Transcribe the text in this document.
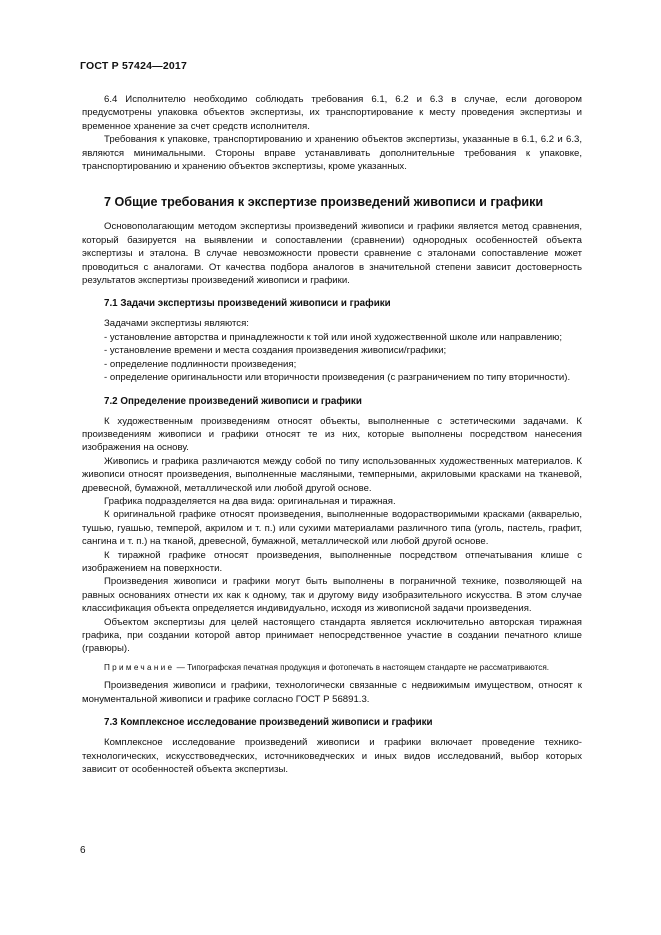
ГОСТ Р 57424—2017

6.4 Исполнителю необходимо соблюдать требования 6.1, 6.2 и 6.3 в случае, если договором предусмотрены упаковка объектов экспертизы, их транспортирование к месту проведения экспертизы и временное хранение за счет средств исполнителя.

Требования к упаковке, транспортированию и хранению объектов экспертизы, указанные в 6.1, 6.2 и 6.3, являются минимальными. Стороны вправе устанавливать дополнительные требования к упаковке, транспортированию и хранению объектов экспертизы, кроме указанных.

7 Общие требования к экспертизе произведений живописи и графики

Основополагающим методом экспертизы произведений живописи и графики является метод сравнения, который базируется на выявлении и сопоставлении (сравнении) однородных особенностей объекта экспертизы и эталона. В случае невозможности провести сравнение с эталонами сопоставление может проводиться с аналогами. От качества подбора аналогов в значительной степени зависит достоверность результатов экспертизы произведений живописи и графики.

7.1 Задачи экспертизы произведений живописи и графики

Задачами экспертизы являются:

- установление авторства и принадлежности к той или иной художественной школе или направлению;
- установление времени и места создания произведения живописи/графики;
- определение подлинности произведения;
- определение оригинальности или вторичности произведения (с разграничением по типу вторичности).
7.2 Определение произведений живописи и графики

К художественным произведениям относят объекты, выполненные с эстетическими задачами. К произведениям живописи и графики относят те из них, которые выполнены посредством нанесения изображения на основу.

Живопись и графика различаются между собой по типу использованных художественных материалов. К живописи относят произведения, выполненные масляными, темперными, акриловыми красками на тканевой, древесной, бумажной, металлической или любой другой основе.

Графика подразделяется на два вида: оригинальная и тиражная.

К оригинальной графике относят произведения, выполненные водорастворимыми красками (акварелью, тушью, гуашью, темперой, акрилом и т. п.) или сухими материалами различного типа (уголь, пастель, графит, сангина и т. п.) на тканой, древесной, бумажной, металлической или любой другой основе.

К тиражной графике относят произведения, выполненные посредством отпечатывания клише с изображением на поверхности.

Произведения живописи и графики могут быть выполнены в пограничной технике, позволяющей на равных основаниях отнести их как к одному, так и другому виду изобразительного искусства. В этом случае классификация объекта определяется индивидуально, исходя из живописной задачи произведения.

Объектом экспертизы для целей настоящего стандарта является исключительно авторская тиражная графика, при создании которой автор принимает непосредственное участие в создании печатного клише (гравюры).

Примечание — Типографская печатная продукция и фотопечать в настоящем стандарте не рассматриваются.

Произведения живописи и графики, технологически связанные с недвижимым имуществом, относят к монументальной живописи и графике согласно ГОСТ Р 56891.3.

7.3 Комплексное исследование произведений живописи и графики

Комплексное исследование произведений живописи и графики включает проведение технико-технологических, искусствоведческих, источниковедческих и иных видов исследований, выбор которых зависит от особенностей объекта экспертизы.

6
